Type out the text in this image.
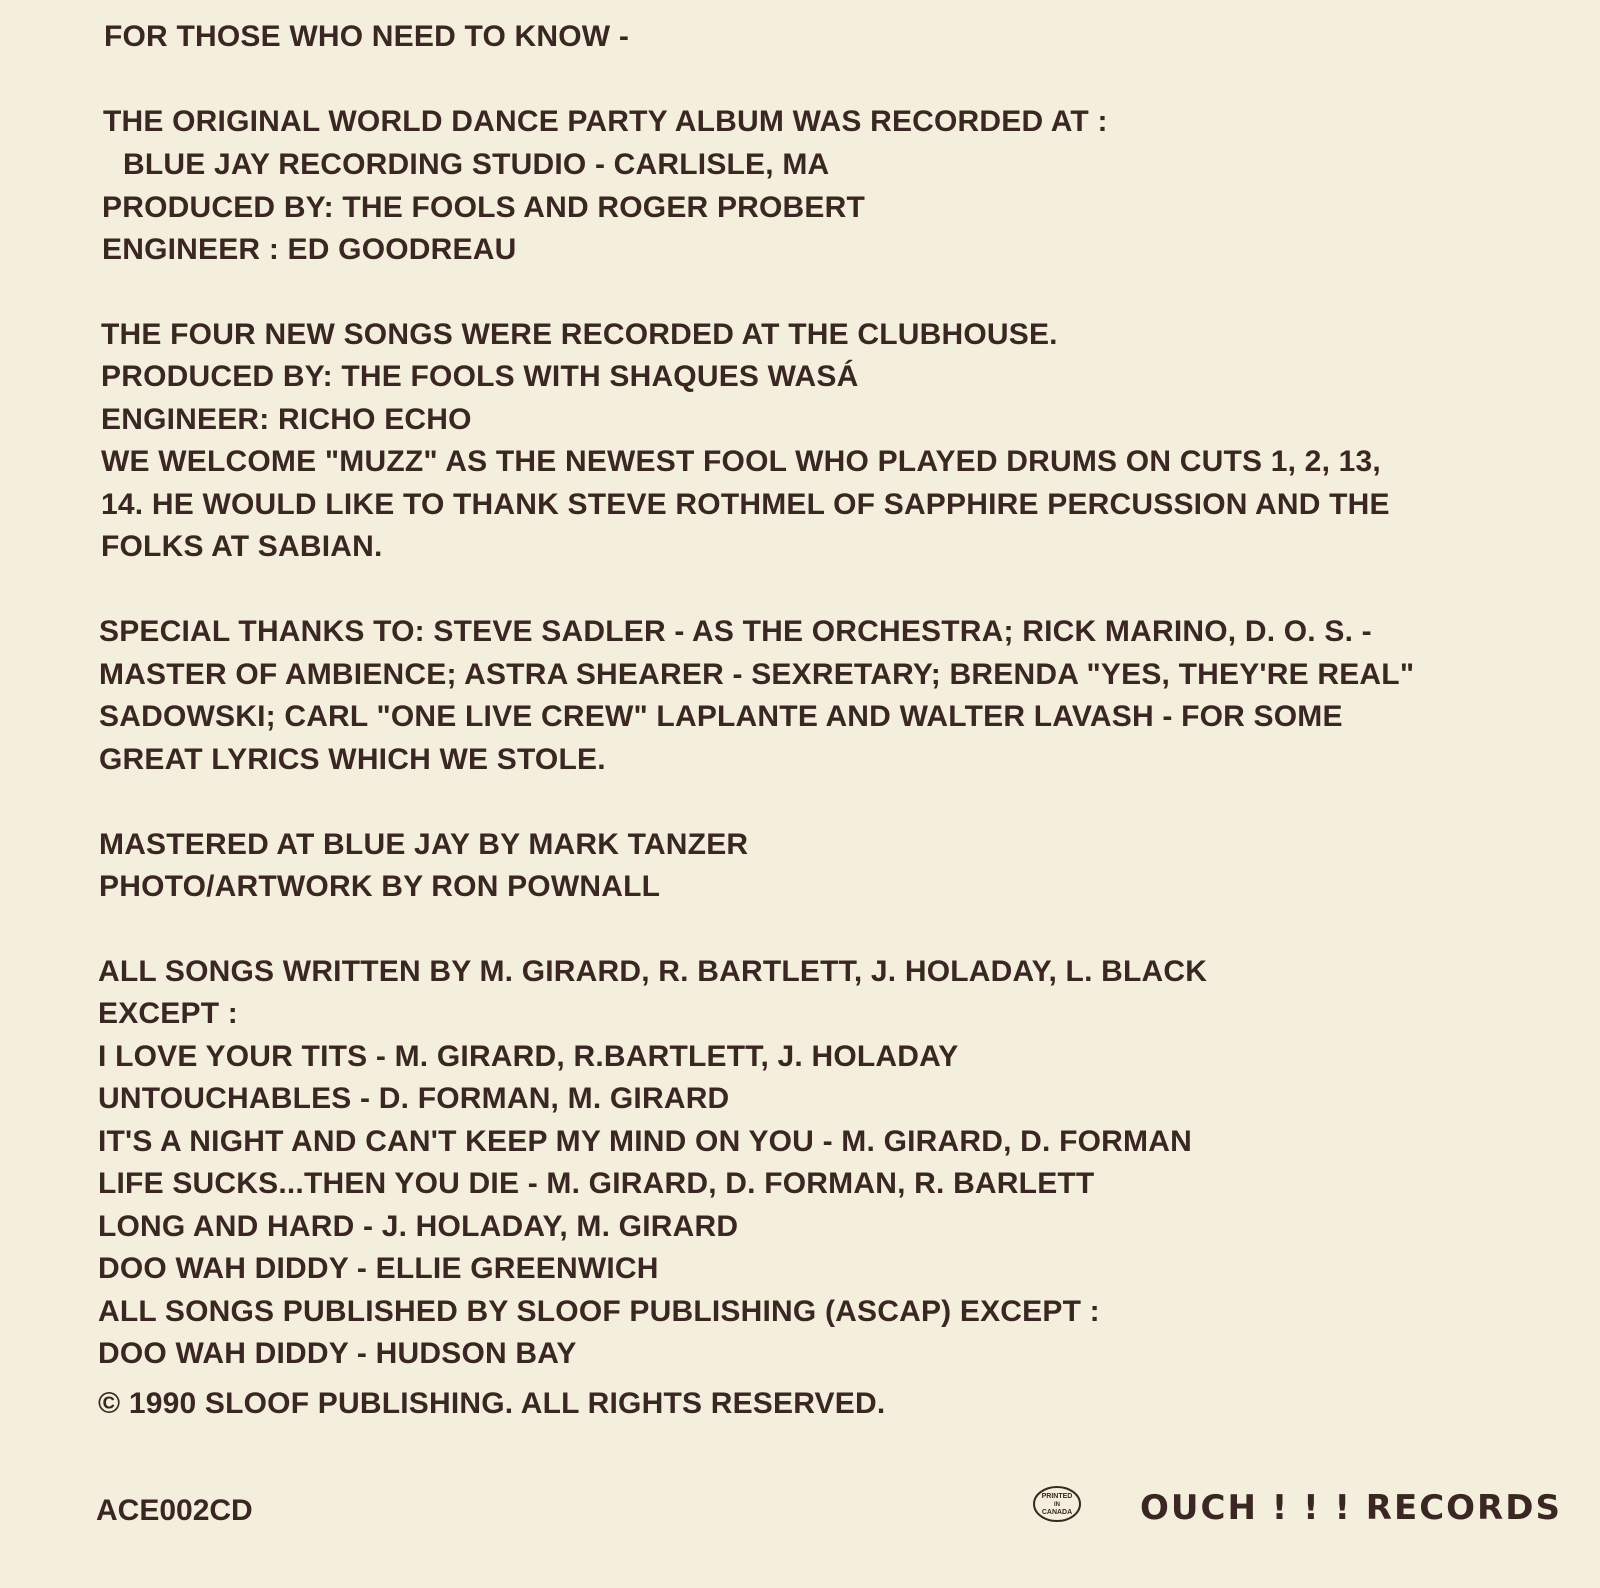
FOR THOSE WHO NEED TO KNOW -
THE ORIGINAL WORLD DANCE PARTY ALBUM WAS RECORDED AT :
BLUE JAY RECORDING STUDIO - CARLISLE, MA
PRODUCED BY: THE FOOLS AND ROGER PROBERT
ENGINEER : ED GOODREAU
THE FOUR NEW SONGS WERE RECORDED AT THE CLUBHOUSE.
PRODUCED BY: THE FOOLS WITH SHAQUES WASÁ
ENGINEER: RICHO ECHO
WE WELCOME "MUZZ" AS THE NEWEST FOOL WHO PLAYED DRUMS ON CUTS 1, 2, 13,
14. HE WOULD LIKE TO THANK STEVE ROTHMEL OF SAPPHIRE PERCUSSION AND THE
FOLKS AT SABIAN.
SPECIAL THANKS TO: STEVE SADLER - AS THE ORCHESTRA; RICK MARINO, D. O. S. -
MASTER OF AMBIENCE; ASTRA SHEARER - SEXRETARY; BRENDA "YES, THEY'RE REAL"
SADOWSKI; CARL "ONE LIVE CREW" LAPLANTE AND WALTER LAVASH - FOR SOME
GREAT LYRICS WHICH WE STOLE.
MASTERED AT BLUE JAY BY MARK TANZER
PHOTO/ARTWORK BY RON POWNALL
ALL SONGS WRITTEN BY M. GIRARD, R. BARTLETT, J. HOLADAY, L. BLACK
EXCEPT :
I LOVE YOUR TITS - M. GIRARD, R.BARTLETT, J. HOLADAY
UNTOUCHABLES - D. FORMAN, M. GIRARD
IT'S A NIGHT AND CAN'T KEEP MY MIND ON YOU - M. GIRARD, D. FORMAN
LIFE SUCKS...THEN YOU DIE - M. GIRARD, D. FORMAN, R. BARLETT
LONG AND HARD - J. HOLADAY, M. GIRARD
DOO WAH DIDDY - ELLIE GREENWICH
ALL SONGS PUBLISHED BY SLOOF PUBLISHING (ASCAP) EXCEPT :
DOO WAH DIDDY - HUDSON BAY
© 1990 SLOOF PUBLISHING. ALL RIGHTS RESERVED.
ACE002CD	PRINTED
IN
CANADA OUCH ! ! ! RECORDS
